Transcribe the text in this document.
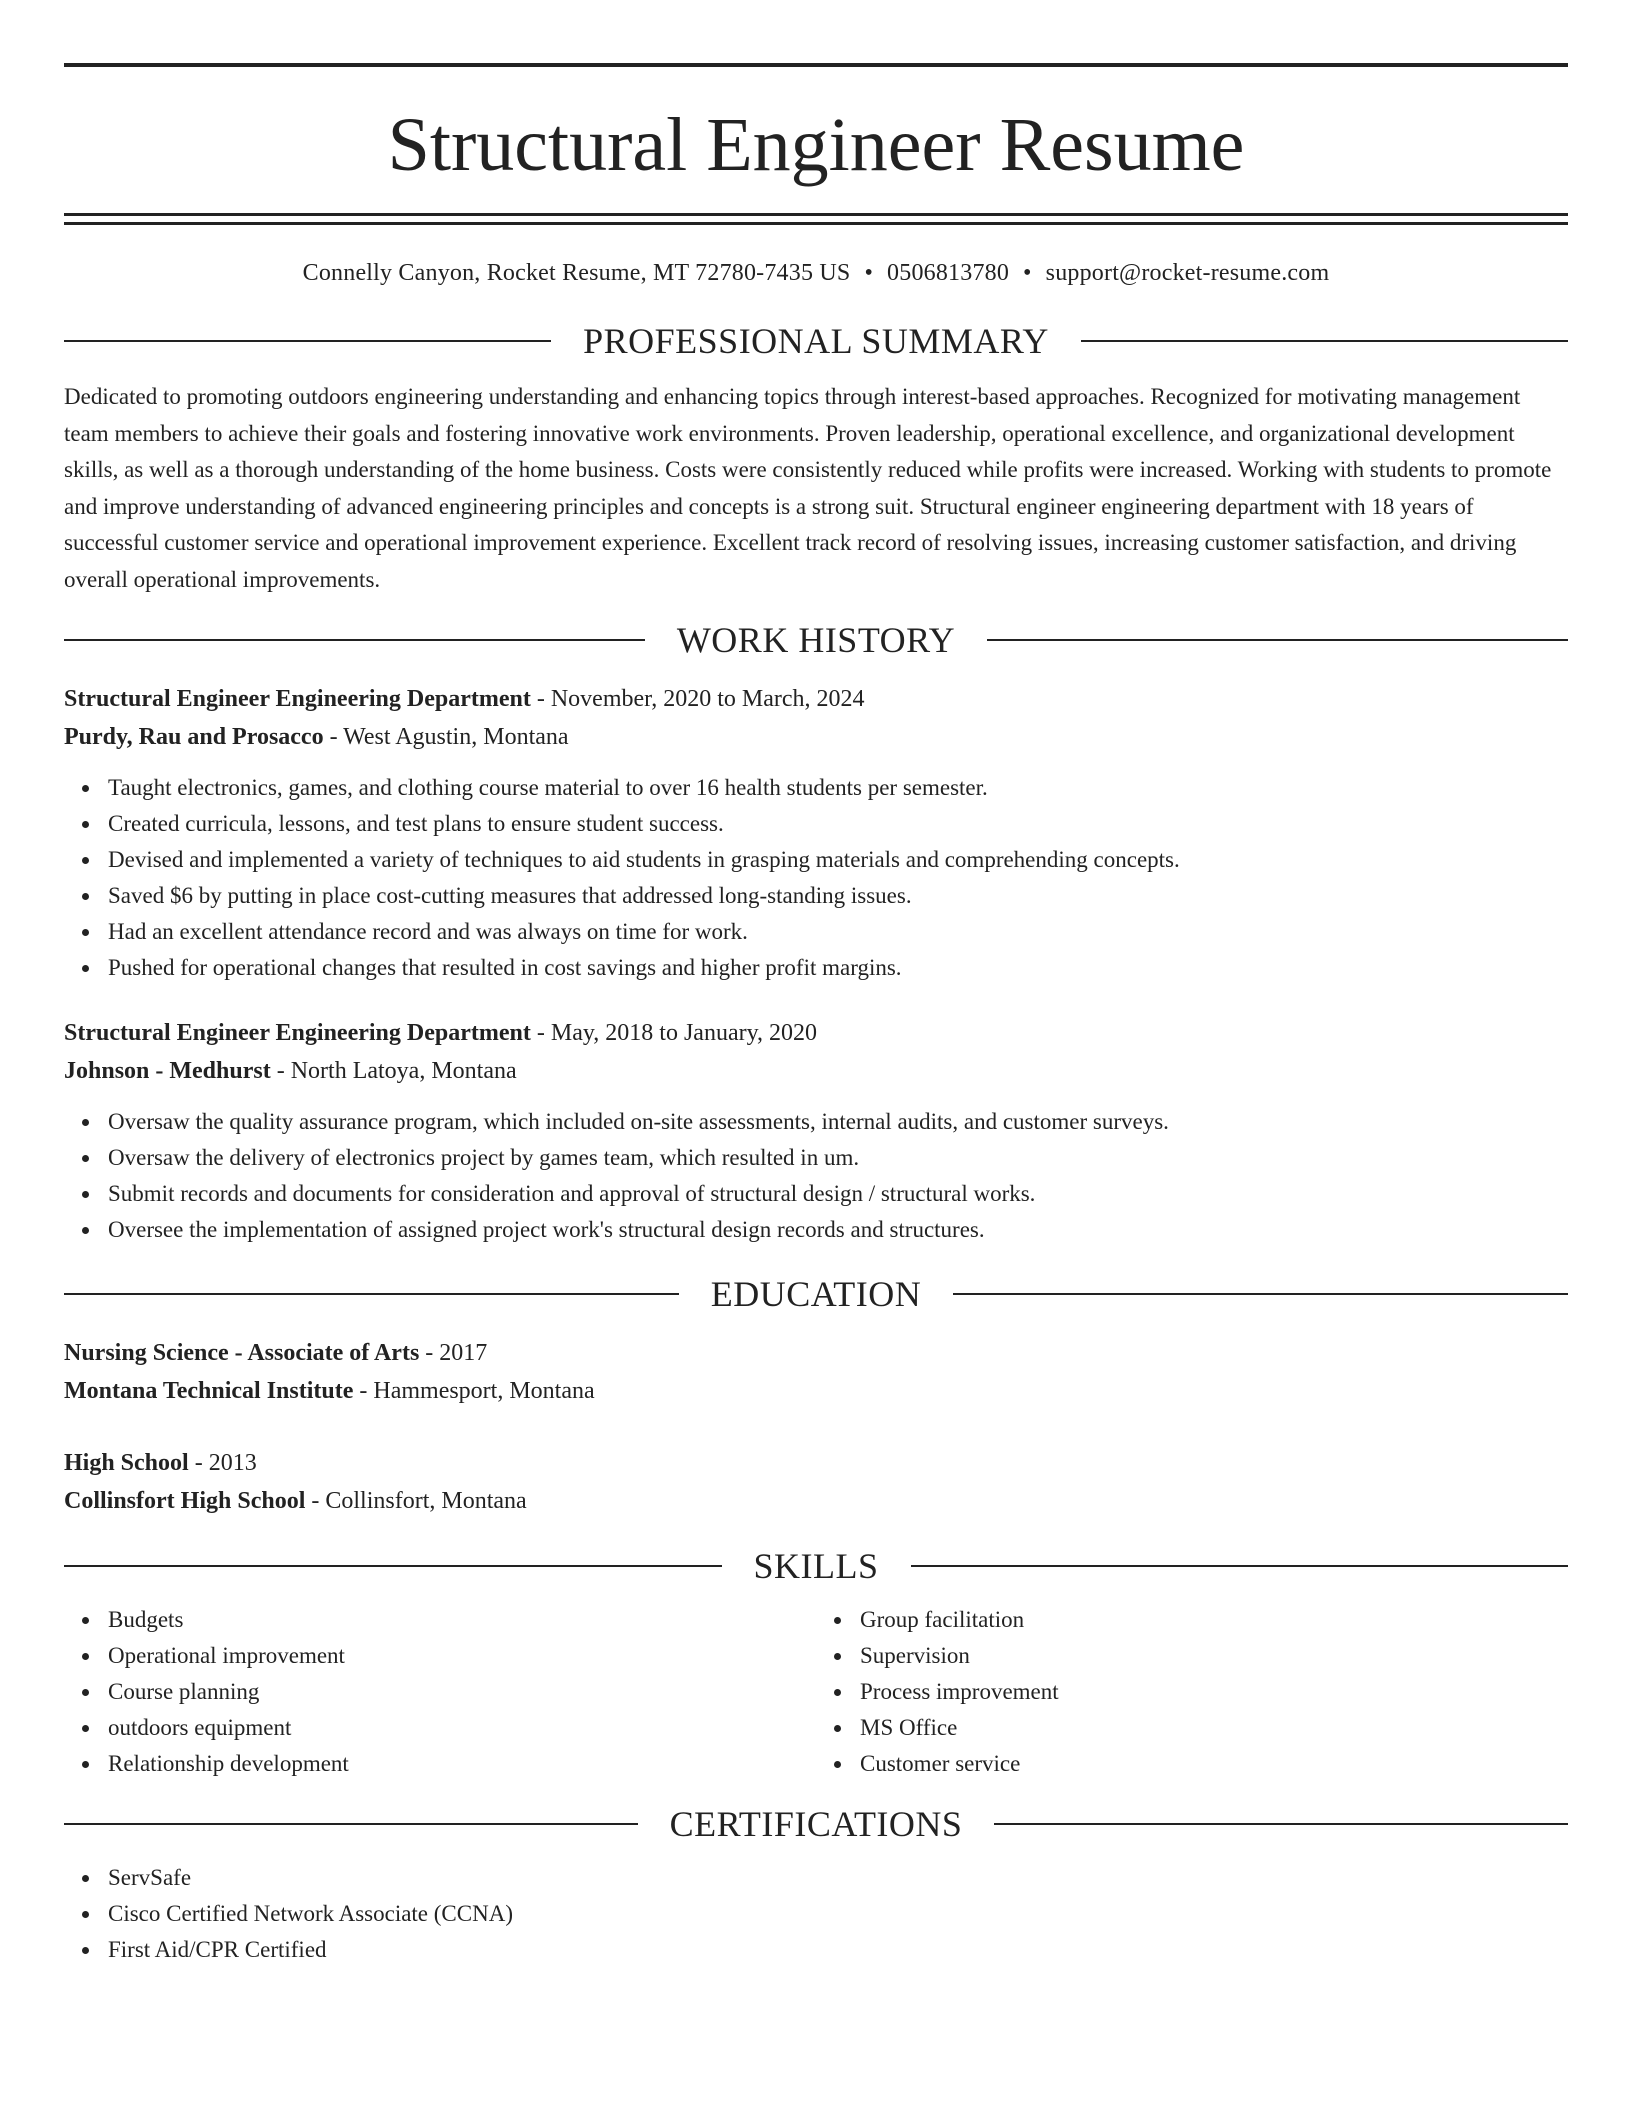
Structural Engineer Resume
Connelly Canyon, Rocket Resume, MT 72780-7435 US • 0506813780 • support@rocket-resume.com
PROFESSIONAL SUMMARY
Dedicated to promoting outdoors engineering understanding and enhancing topics through interest-based approaches. Recognized for motivating management team members to achieve their goals and fostering innovative work environments. Proven leadership, operational excellence, and organizational development skills, as well as a thorough understanding of the home business. Costs were consistently reduced while profits were increased. Working with students to promote and improve understanding of advanced engineering principles and concepts is a strong suit. Structural engineer engineering department with 18 years of successful customer service and operational improvement experience. Excellent track record of resolving issues, increasing customer satisfaction, and driving overall operational improvements.
WORK HISTORY
Structural Engineer Engineering Department - November, 2020 to March, 2024
Purdy, Rau and Prosacco - West Agustin, Montana
Taught electronics, games, and clothing course material to over 16 health students per semester.
Created curricula, lessons, and test plans to ensure student success.
Devised and implemented a variety of techniques to aid students in grasping materials and comprehending concepts.
Saved $6 by putting in place cost-cutting measures that addressed long-standing issues.
Had an excellent attendance record and was always on time for work.
Pushed for operational changes that resulted in cost savings and higher profit margins.
Structural Engineer Engineering Department - May, 2018 to January, 2020
Johnson - Medhurst - North Latoya, Montana
Oversaw the quality assurance program, which included on-site assessments, internal audits, and customer surveys.
Oversaw the delivery of electronics project by games team, which resulted in um.
Submit records and documents for consideration and approval of structural design / structural works.
Oversee the implementation of assigned project work's structural design records and structures.
EDUCATION
Nursing Science - Associate of Arts - 2017
Montana Technical Institute - Hammesport, Montana
High School - 2013
Collinsfort High School - Collinsfort, Montana
SKILLS
Budgets
Operational improvement
Course planning
outdoors equipment
Relationship development
Group facilitation
Supervision
Process improvement
MS Office
Customer service
CERTIFICATIONS
ServSafe
Cisco Certified Network Associate (CCNA)
First Aid/CPR Certified
